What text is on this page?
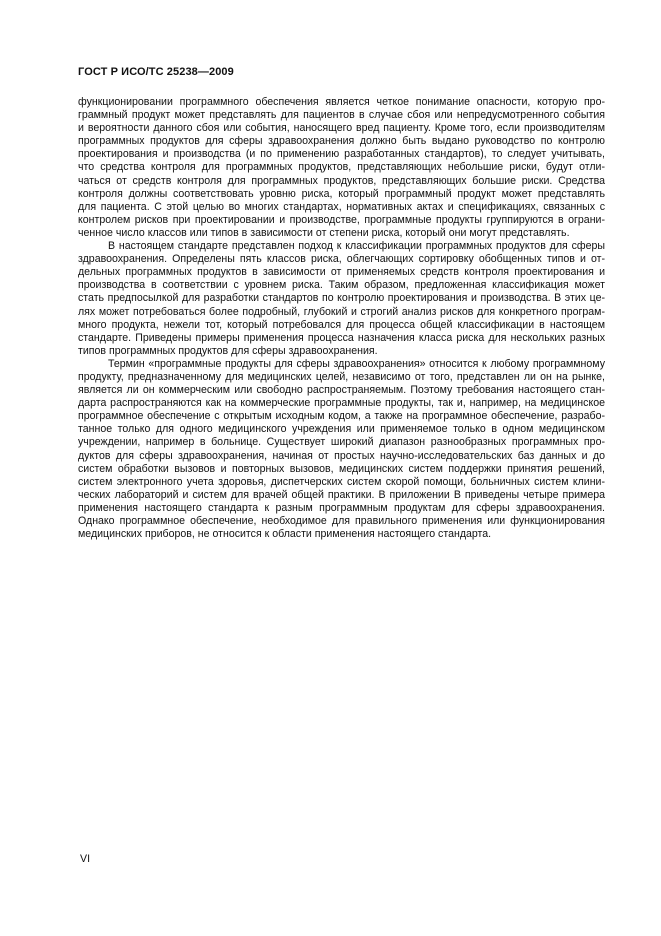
ГОСТ Р ИСО/ТС 25238—2009
функционировании программного обеспечения является четкое понимание опасности, которую про-
граммный продукт может представлять для пациентов в случае сбоя или непредусмотренного события
и вероятности данного сбоя или события, наносящего вред пациенту. Кроме того, если производителям
программных продуктов для сферы здравоохранения должно быть выдано руководство по контролю
проектирования и производства (и по применению разработанных стандартов), то следует учитывать,
что средства контроля для программных продуктов, представляющих небольшие риски, будут отли-
чаться от средств контроля для программных продуктов, представляющих большие риски. Средства
контроля должны соответствовать уровню риска, который программный продукт может представлять
для пациента. С этой целью во многих стандартах, нормативных актах и спецификациях, связанных с
контролем рисков при проектировании и производстве, программные продукты группируются в ограни-
ченное число классов или типов в зависимости от степени риска, который они могут представлять.
В настоящем стандарте представлен подход к классификации программных продуктов для сферы
здравоохранения. Определены пять классов риска, облегчающих сортировку обобщенных типов и от-
дельных программных продуктов в зависимости от применяемых средств контроля проектирования и
производства в соответствии с уровнем риска. Таким образом, предложенная классификация может
стать предпосылкой для разработки стандартов по контролю проектирования и производства. В этих це-
лях может потребоваться более подробный, глубокий и строгий анализ рисков для конкретного програм-
много продукта, нежели тот, который потребовался для процесса общей классификации в настоящем
стандарте. Приведены примеры применения процесса назначения класса риска для нескольких разных
типов программных продуктов для сферы здравоохранения.
Термин «программные продукты для сферы здравоохранения» относится к любому программному
продукту, предназначенному для медицинских целей, независимо от того, представлен ли он на рынке,
является ли он коммерческим или свободно распространяемым. Поэтому требования настоящего стан-
дарта распространяются как на коммерческие программные продукты, так и, например, на медицинское
программное обеспечение с открытым исходным кодом, а также на программное обеспечение, разрабо-
танное только для одного медицинского учреждения или применяемое только в одном медицинском
учреждении, например в больнице. Существует широкий диапазон разнообразных программных про-
дуктов для сферы здравоохранения, начиная от простых научно-исследовательских баз данных и до
систем обработки вызовов и повторных вызовов, медицинских систем поддержки принятия решений,
систем электронного учета здоровья, диспетчерских систем скорой помощи, больничных систем клини-
ческих лабораторий и систем для врачей общей практики. В приложении В приведены четыре примера
применения настоящего стандарта к разным программным продуктам для сферы здравоохранения.
Однако программное обеспечение, необходимое для правильного применения или функционирования
медицинских приборов, не относится к области применения настоящего стандарта.
VI
